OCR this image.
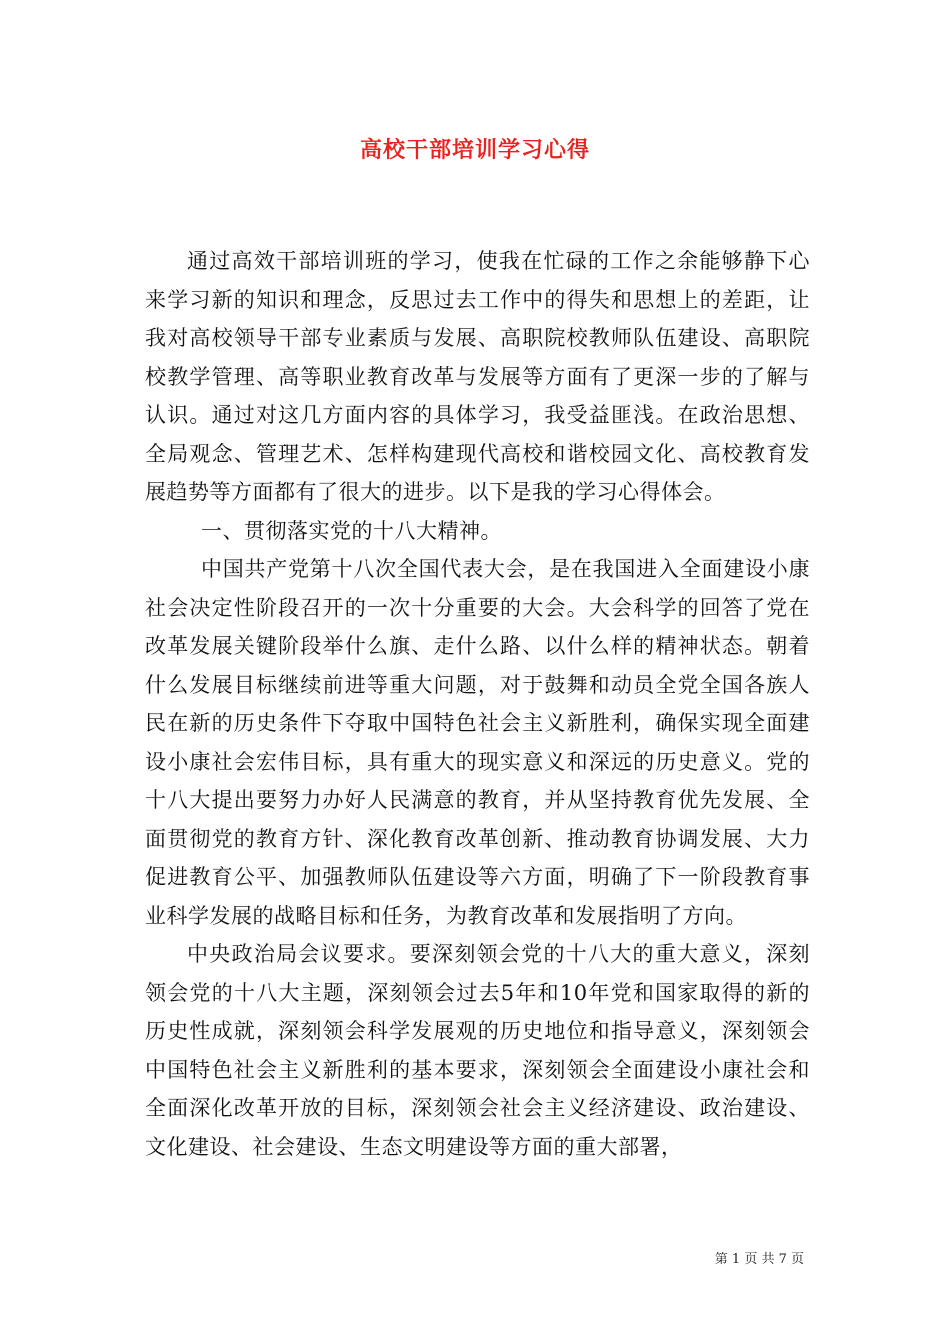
高校干部培训学习心得

通过高效干部培训班的学习，使我在忙碌的工作之余能够静下心来学习新的知识和理念，反思过去工作中的得失和思想上的差距，让我对高校领导干部专业素质与发展、高职院校教师队伍建设、高职院校教学管理、高等职业教育改革与发展等方面有了更深一步的了解与认识。通过对这几方面内容的具体学习，我受益匪浅。在政治思想、全局观念、管理艺术、怎样构建现代高校和谐校园文化、高校教育发展趋势等方面都有了很大的进步。以下是我的学习心得体会。

一、贯彻落实党的十八大精神。

中国共产党第十八次全国代表大会，是在我国进入全面建设小康社会决定性阶段召开的一次十分重要的大会。大会科学的回答了党在改革发展关键阶段举什么旗、走什么路、以什么样的精神状态。朝着什么发展目标继续前进等重大问题，对于鼓舞和动员全党全国各族人民在新的历史条件下夺取中国特色社会主义新胜利，确保实现全面建设小康社会宏伟目标，具有重大的现实意义和深远的历史意义。党的十八大提出要努力办好人民满意的教育，并从坚持教育优先发展、全面贯彻党的教育方针、深化教育改革创新、推动教育协调发展、大力促进教育公平、加强教师队伍建设等六方面，明确了下一阶段教育事业科学发展的战略目标和任务，为教育改革和发展指明了方向。

中央政治局会议要求。要深刻领会党的十八大的重大意义，深刻领会党的十八大主题，深刻领会过去5年和10年党和国家取得的新的历史性成就，深刻领会科学发展观的历史地位和指导意义，深刻领会中国特色社会主义新胜利的基本要求，深刻领会全面建设小康社会和全面深化改革开放的目标，深刻领会社会主义经济建设、政治建设、文化建设、社会建设、生态文明建设等方面的重大部署，

第 1 页 共 7 页
